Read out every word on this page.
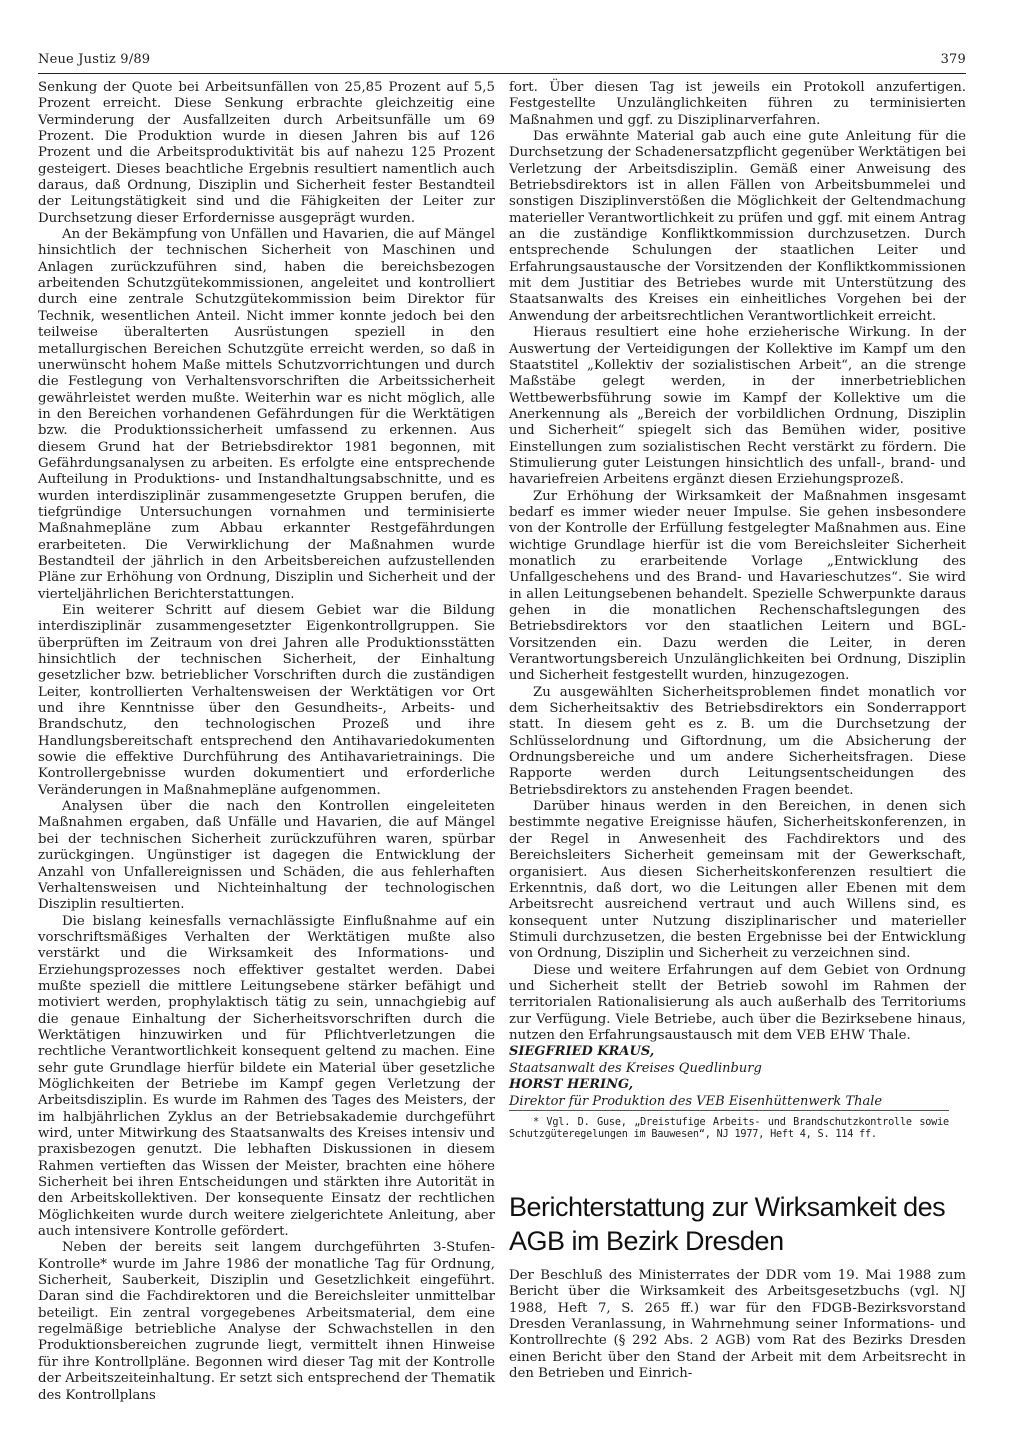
Neue Justiz 9/89	379

Senkung der Quote bei Arbeitsunfällen von 25,85 Prozent auf 5,5 Prozent erreicht. Diese Senkung erbrachte gleichzeitig eine Verminderung der Ausfallzeiten durch Arbeitsunfälle um 69 Prozent. Die Produktion wurde in diesen Jahren bis auf 126 Prozent und die Arbeitsproduktivität bis auf nahezu 125 Prozent gesteigert. Dieses beachtliche Ergebnis resultiert namentlich auch daraus, daß Ordnung, Disziplin und Sicherheit fester Bestandteil der Leitungstätigkeit sind und die Fähigkeiten der Leiter zur Durchsetzung dieser Erfordernisse ausgeprägt wurden.

An der Bekämpfung von Unfällen und Havarien, die auf Mängel hinsichtlich der technischen Sicherheit von Maschinen und Anlagen zurückzuführen sind, haben die bereichsbezogen arbeitenden Schutzgütekommissionen, angeleitet und kontrolliert durch eine zentrale Schutzgütekommission beim Direktor für Technik, wesentlichen Anteil. Nicht immer konnte jedoch bei den teilweise überalterten Ausrüstungen speziell in den metallurgischen Bereichen Schutzgüte erreicht werden, so daß in unerwünscht hohem Maße mittels Schutzvorrichtungen und durch die Festlegung von Verhaltensvorschriften die Arbeitssicherheit gewährleistet werden mußte. Weiterhin war es nicht möglich, alle in den Bereichen vorhandenen Gefährdungen für die Werktätigen bzw. die Produktionssicherheit umfassend zu erkennen. Aus diesem Grund hat der Betriebsdirektor 1981 begonnen, mit Gefährdungsanalysen zu arbeiten. Es erfolgte eine entsprechende Aufteilung in Produktions- und Instandhaltungsabschnitte, und es wurden interdisziplinär zusammengesetzte Gruppen berufen, die tiefgründige Untersuchungen vornahmen und terminisierte Maßnahmepläne zum Abbau erkannter Restgefährdungen erarbeiteten. Die Verwirklichung der Maßnahmen wurde Bestandteil der jährlich in den Arbeitsbereichen aufzustellenden Pläne zur Erhöhung von Ordnung, Disziplin und Sicherheit und der vierteljährlichen Berichterstattungen.

Ein weiterer Schritt auf diesem Gebiet war die Bildung interdisziplinär zusammengesetzter Eigenkontrollgruppen. Sie überprüften im Zeitraum von drei Jahren alle Produktionsstätten hinsichtlich der technischen Sicherheit, der Einhaltung gesetzlicher bzw. betrieblicher Vorschriften durch die zuständigen Leiter, kontrollierten Verhaltensweisen der Werktätigen vor Ort und ihre Kenntnisse über den Gesundheits-, Arbeits- und Brandschutz, den technologischen Prozeß und ihre Handlungsbereitschaft entsprechend den Antihavariedokumenten sowie die effektive Durchführung des Antihavarietrainings. Die Kontrollergebnisse wurden dokumentiert und erforderliche Veränderungen in Maßnahmepläne aufgenommen.

Analysen über die nach den Kontrollen eingeleiteten Maßnahmen ergaben, daß Unfälle und Havarien, die auf Mängel bei der technischen Sicherheit zurückzuführen waren, spürbar zurückgingen. Ungünstiger ist dagegen die Entwicklung der Anzahl von Unfallereignissen und Schäden, die aus fehlerhaften Verhaltensweisen und Nichteinhaltung der technologischen Disziplin resultierten.

Die bislang keinesfalls vernachlässigte Einflußnahme auf ein vorschriftsmäßiges Verhalten der Werktätigen mußte also verstärkt und die Wirksamkeit des Informations- und Erziehungsprozesses noch effektiver gestaltet werden. Dabei mußte speziell die mittlere Leitungsebene stärker befähigt und motiviert werden, prophylaktisch tätig zu sein, unnachgiebig auf die genaue Einhaltung der Sicherheitsvorschriften durch die Werktätigen hinzuwirken und für Pflichtverletzungen die rechtliche Verantwortlichkeit konsequent geltend zu machen. Eine sehr gute Grundlage hierfür bildete ein Material über gesetzliche Möglichkeiten der Betriebe im Kampf gegen Verletzung der Arbeitsdisziplin. Es wurde im Rahmen des Tages des Meisters, der im halbjährlichen Zyklus an der Betriebsakademie durchgeführt wird, unter Mitwirkung des Staatsanwalts des Kreises intensiv und praxisbezogen genutzt. Die lebhaften Diskussionen in diesem Rahmen vertieften das Wissen der Meister, brachten eine höhere Sicherheit bei ihren Entscheidungen und stärkten ihre Autorität in den Arbeitskollektiven. Der konsequente Einsatz der rechtlichen Möglichkeiten wurde durch weitere zielgerichtete Anleitung, aber auch intensivere Kontrolle gefördert.

Neben der bereits seit langem durchgeführten 3-Stufen-Kontrolle* wurde im Jahre 1986 der monatliche Tag für Ordnung, Sicherheit, Sauberkeit, Disziplin und Gesetzlichkeit eingeführt. Daran sind die Fachdirektoren und die Bereichsleiter unmittelbar beteiligt. Ein zentral vorgegebenes Arbeitsmaterial, dem eine regelmäßige betriebliche Analyse der Schwachstellen in den Produktionsbereichen zugrunde liegt, vermittelt ihnen Hinweise für ihre Kontrollpläne. Begonnen wird dieser Tag mit der Kontrolle der Arbeitszeiteinhaltung. Er setzt sich entsprechend der Thematik des Kontrollplans

fort. Über diesen Tag ist jeweils ein Protokoll anzufertigen. Festgestellte Unzulänglichkeiten führen zu terminisierten Maßnahmen und ggf. zu Disziplinarverfahren.

Das erwähnte Material gab auch eine gute Anleitung für die Durchsetzung der Schadenersatzpflicht gegenüber Werktätigen bei Verletzung der Arbeitsdisziplin. Gemäß einer Anweisung des Betriebsdirektors ist in allen Fällen von Arbeitsbummelei und sonstigen Disziplinverstößen die Möglichkeit der Geltendmachung materieller Verantwortlichkeit zu prüfen und ggf. mit einem Antrag an die zuständige Konfliktkommission durchzusetzen. Durch entsprechende Schulungen der staatlichen Leiter und Erfahrungsaustausche der Vorsitzenden der Konfliktkommissionen mit dem Justitiar des Betriebes wurde mit Unterstützung des Staatsanwalts des Kreises ein einheitliches Vorgehen bei der Anwendung der arbeitsrechtlichen Verantwortlichkeit erreicht.

Hieraus resultiert eine hohe erzieherische Wirkung. In der Auswertung der Verteidigungen der Kollektive im Kampf um den Staatstitel „Kollektiv der sozialistischen Arbeit“, an die strenge Maßstäbe gelegt werden, in der innerbetrieblichen Wettbewerbsführung sowie im Kampf der Kollektive um die Anerkennung als „Bereich der vorbildlichen Ordnung, Disziplin und Sicherheit“ spiegelt sich das Bemühen wider, positive Einstellungen zum sozialistischen Recht verstärkt zu fördern. Die Stimulierung guter Leistungen hinsichtlich des unfall-, brand- und havariefreien Arbeitens ergänzt diesen Erziehungsprozeß.

Zur Erhöhung der Wirksamkeit der Maßnahmen insgesamt bedarf es immer wieder neuer Impulse. Sie gehen insbesondere von der Kontrolle der Erfüllung festgelegter Maßnahmen aus. Eine wichtige Grundlage hierfür ist die vom Bereichsleiter Sicherheit monatlich zu erarbeitende Vorlage „Entwicklung des Unfallgeschehens und des Brand- und Havarieschutzes“. Sie wird in allen Leitungsebenen behandelt. Spezielle Schwerpunkte daraus gehen in die monatlichen Rechenschaftslegungen des Betriebsdirektors vor den staatlichen Leitern und BGL-Vorsitzenden ein. Dazu werden die Leiter, in deren Verantwortungsbereich Unzulänglichkeiten bei Ordnung, Disziplin und Sicherheit festgestellt wurden, hinzugezogen.

Zu ausgewählten Sicherheitsproblemen findet monatlich vor dem Sicherheitsaktiv des Betriebsdirektors ein Sonderrapport statt. In diesem geht es z. B. um die Durchsetzung der Schlüsselordnung und Giftordnung, um die Absicherung der Ordnungsbereiche und um andere Sicherheitsfragen. Diese Rapporte werden durch Leitungsentscheidungen des Betriebsdirektors zu anstehenden Fragen beendet.

Darüber hinaus werden in den Bereichen, in denen sich bestimmte negative Ereignisse häufen, Sicherheitskonferenzen, in der Regel in Anwesenheit des Fachdirektors und des Bereichsleiters Sicherheit gemeinsam mit der Gewerkschaft, organisiert. Aus diesen Sicherheitskonferenzen resultiert die Erkenntnis, daß dort, wo die Leitungen aller Ebenen mit dem Arbeitsrecht ausreichend vertraut und auch Willens sind, es konsequent unter Nutzung disziplinarischer und materieller Stimuli durchzusetzen, die besten Ergebnisse bei der Entwicklung von Ordnung, Disziplin und Sicherheit zu verzeichnen sind.

Diese und weitere Erfahrungen auf dem Gebiet von Ordnung und Sicherheit stellt der Betrieb sowohl im Rahmen der territorialen Rationalisierung als auch außerhalb des Territoriums zur Verfügung. Viele Betriebe, auch über die Bezirksebene hinaus, nutzen den Erfahrungsaustausch mit dem VEB EHW Thale.

SIEGFRIED KRAUS,
Staatsanwalt des Kreises Quedlinburg
HORST HERING,
Direktor für Produktion des VEB Eisenhüttenwerk Thale

* Vgl. D. Guse, „Dreistufige Arbeits- und Brandschutzkontrolle sowie Schutzgüteregelungen im Bauwesen“, NJ 1977, Heft 4, S. 114 ff.

Berichterstattung zur Wirksamkeit des AGB im Bezirk Dresden

Der Beschluß des Ministerrates der DDR vom 19. Mai 1988 zum Bericht über die Wirksamkeit des Arbeitsgesetzbuchs (vgl. NJ 1988, Heft 7, S. 265 ff.) war für den FDGB-Bezirksvorstand Dresden Veranlassung, in Wahrnehmung seiner Informations- und Kontrollrechte (§ 292 Abs. 2 AGB) vom Rat des Bezirks Dresden einen Bericht über den Stand der Arbeit mit dem Arbeitsrecht in den Betrieben und Einrich-
